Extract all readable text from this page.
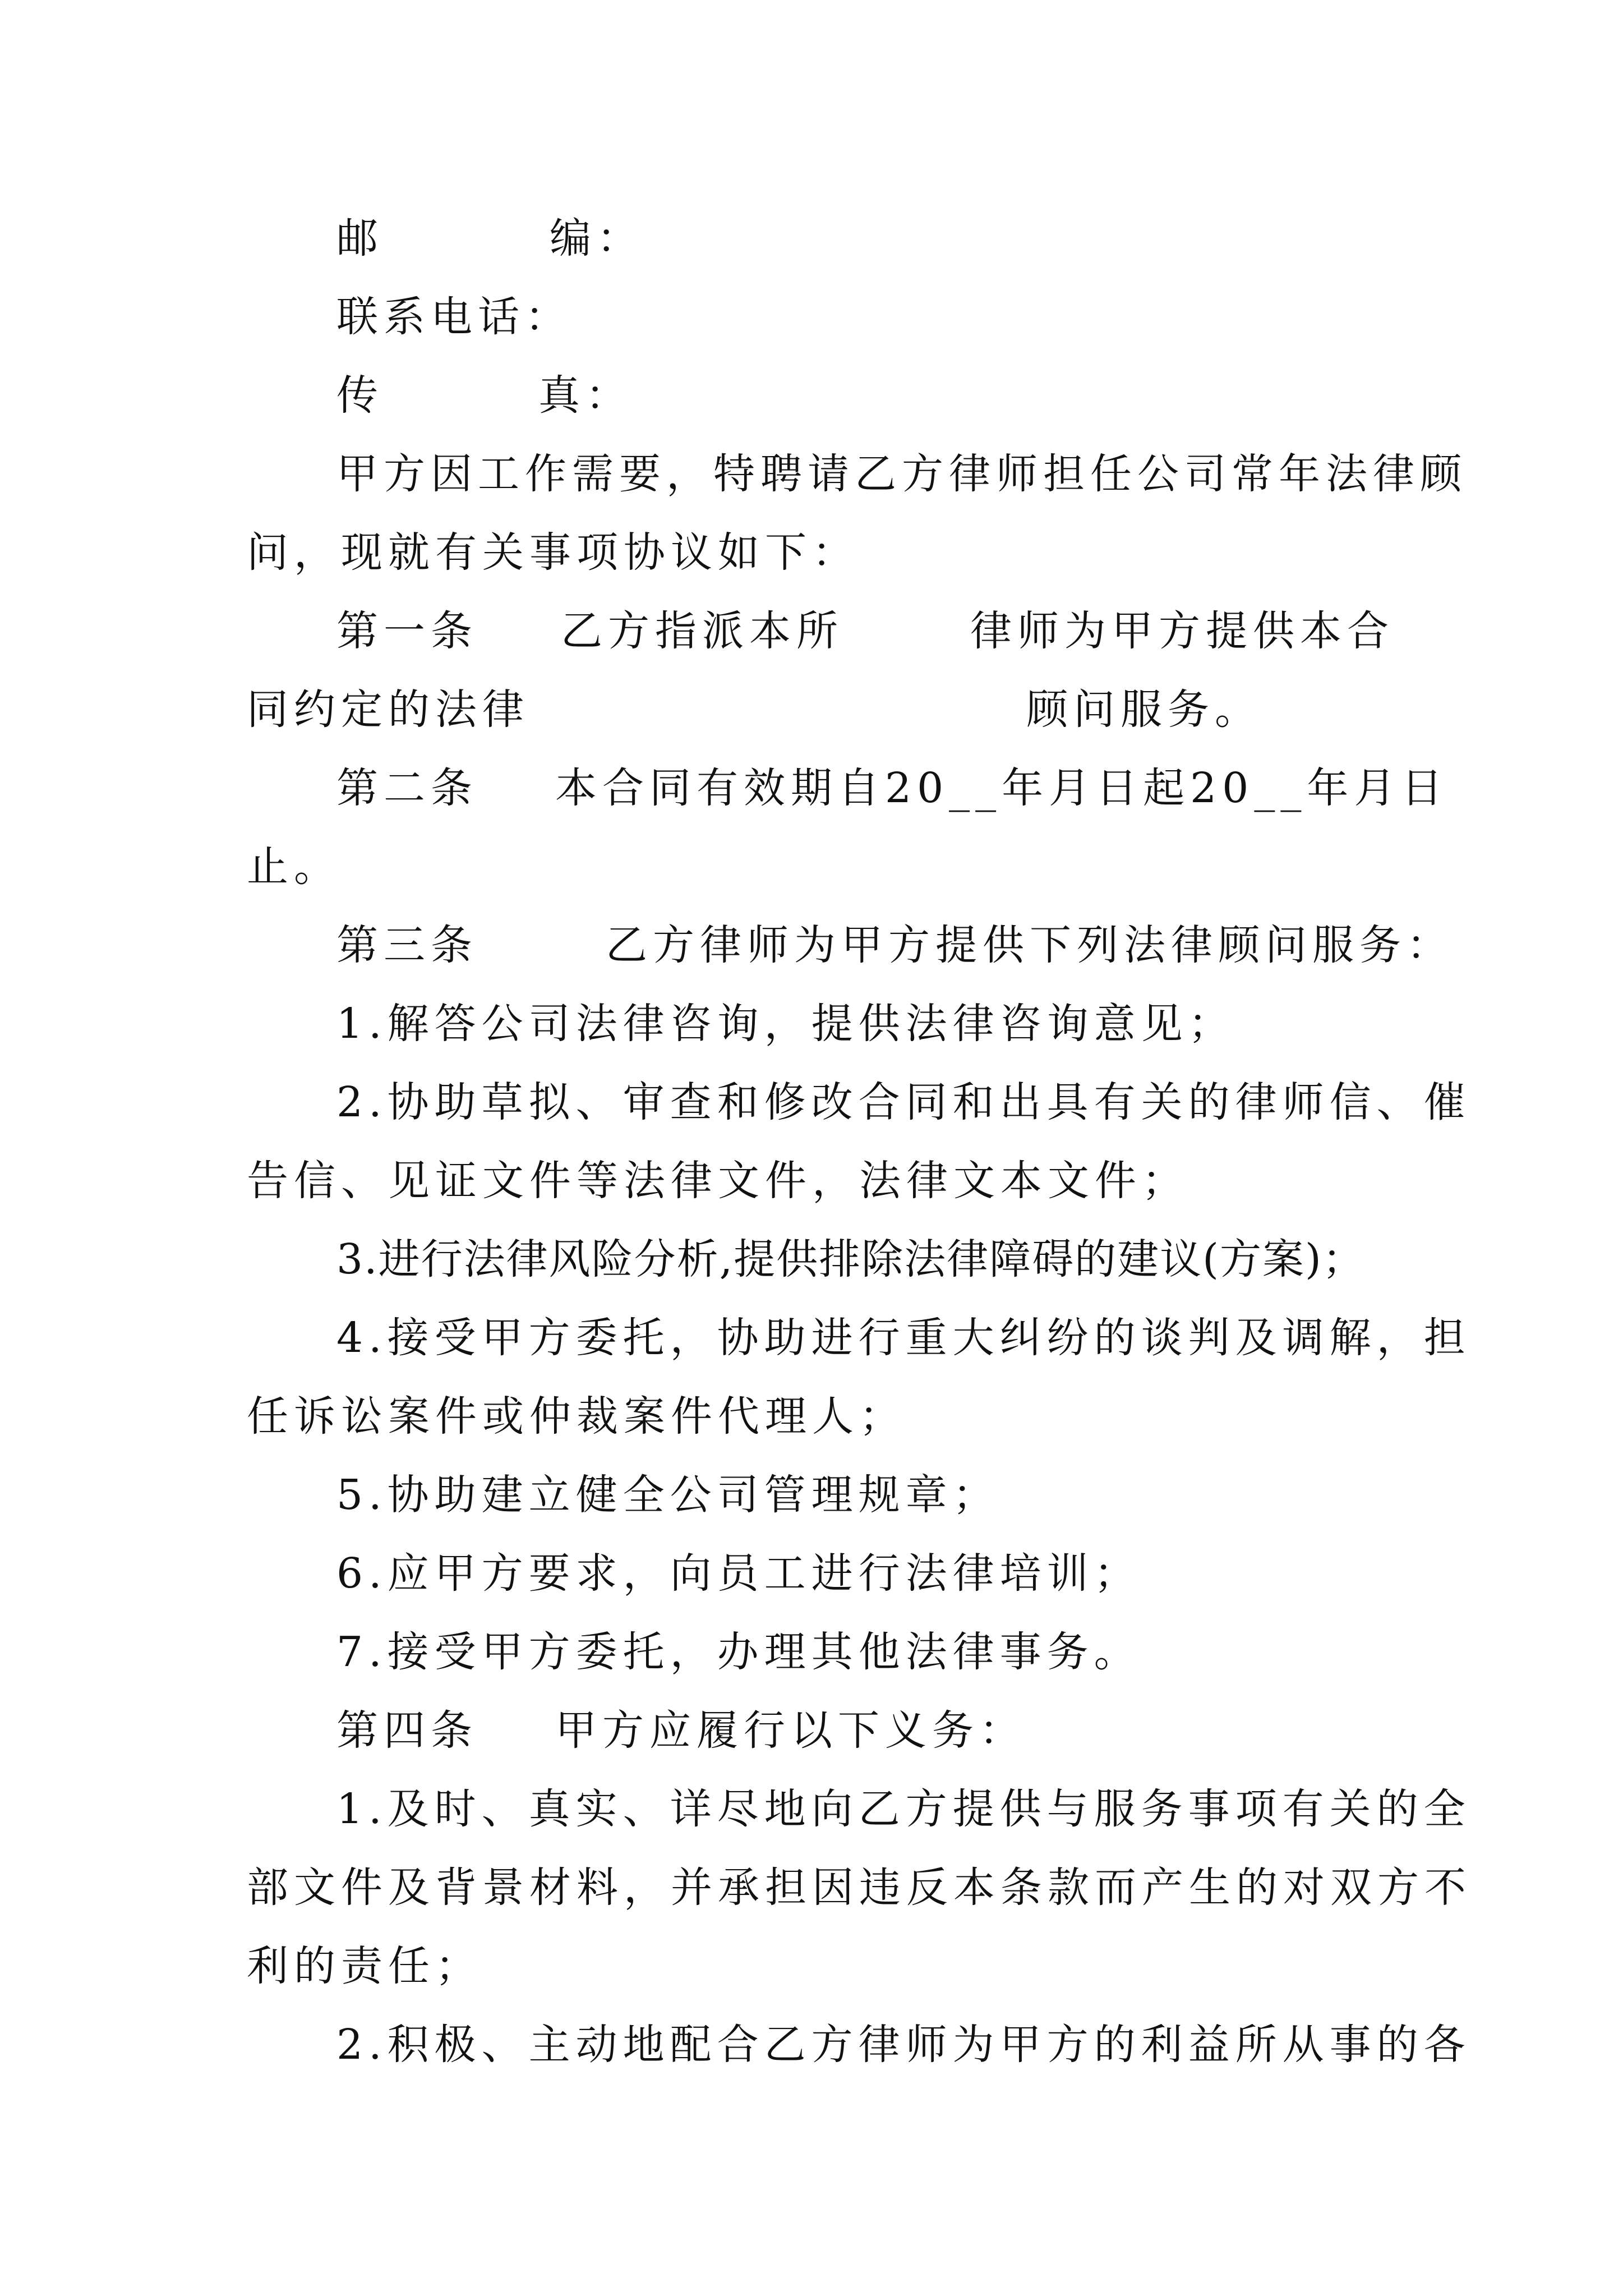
邮	编：
联系电话：
传	真：
甲方因工作需要，特聘请乙方律师担任公司常年法律顾
问，现就有关事项协议如下：
第一条 乙方指派本所	律师为甲方提供本合
同约定的法律	顾问服务。
第二条 本合同有效期自20__年月日起20__年月日
止。
第三条	乙方律师为甲方提供下列法律顾问服务：
1.解答公司法律咨询，提供法律咨询意见；
2.协助草拟、审查和修改合同和出具有关的律师信、催
告信、见证文件等法律文件，法律文本文件；
3.进行法律风险分析,提供排除法律障碍的建议(方案)；
4.接受甲方委托，协助进行重大纠纷的谈判及调解，担
任诉讼案件或仲裁案件代理人；
5.协助建立健全公司管理规章；
6.应甲方要求，向员工进行法律培训；
7.接受甲方委托，办理其他法律事务。
第四条 甲方应履行以下义务：
1.及时、真实、详尽地向乙方提供与服务事项有关的全
部文件及背景材料，并承担因违反本条款而产生的对双方不
利的责任；
2.积极、主动地配合乙方律师为甲方的利益所从事的各
